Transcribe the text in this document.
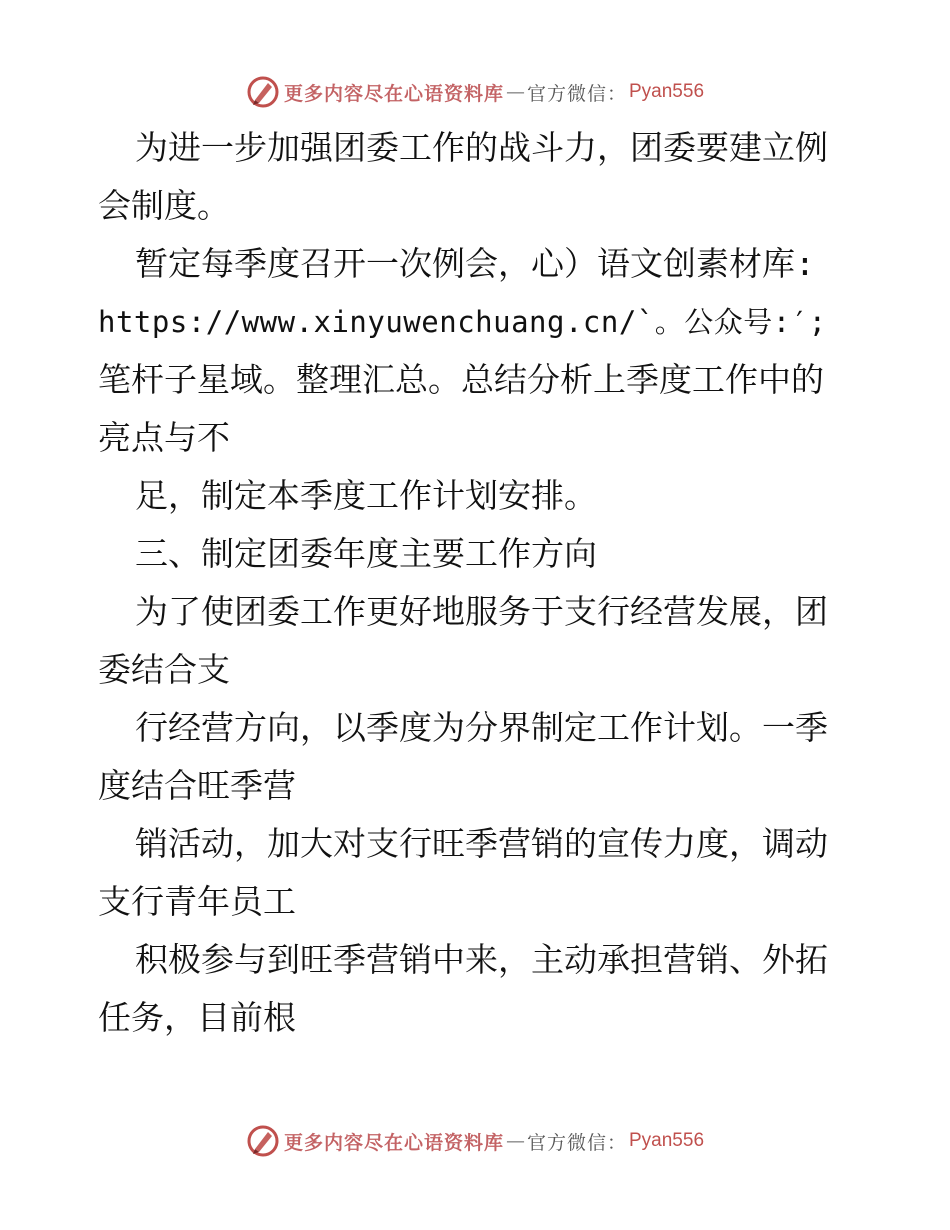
更多内容尽在心语资料库 — 官方微信： Pyan556
为进一步加强团委工作的战斗力，团委要建立例
会制度。
暂定每季度召开一次例会，心）语文创素材库:
https://www.xinyuwenchuang.cn/`。公众号:′;
笔杆子星域。整理汇总。总结分析上季度工作中的
亮点与不
足，制定本季度工作计划安排。
三、制定团委年度主要工作方向
为了使团委工作更好地服务于支行经营发展，团
委结合支
行经营方向，以季度为分界制定工作计划。一季
度结合旺季营
销活动，加大对支行旺季营销的宣传力度，调动
支行青年员工
积极参与到旺季营销中来，主动承担营销、外拓
任务，目前根
更多内容尽在心语资料库 — 官方微信： Pyan556
